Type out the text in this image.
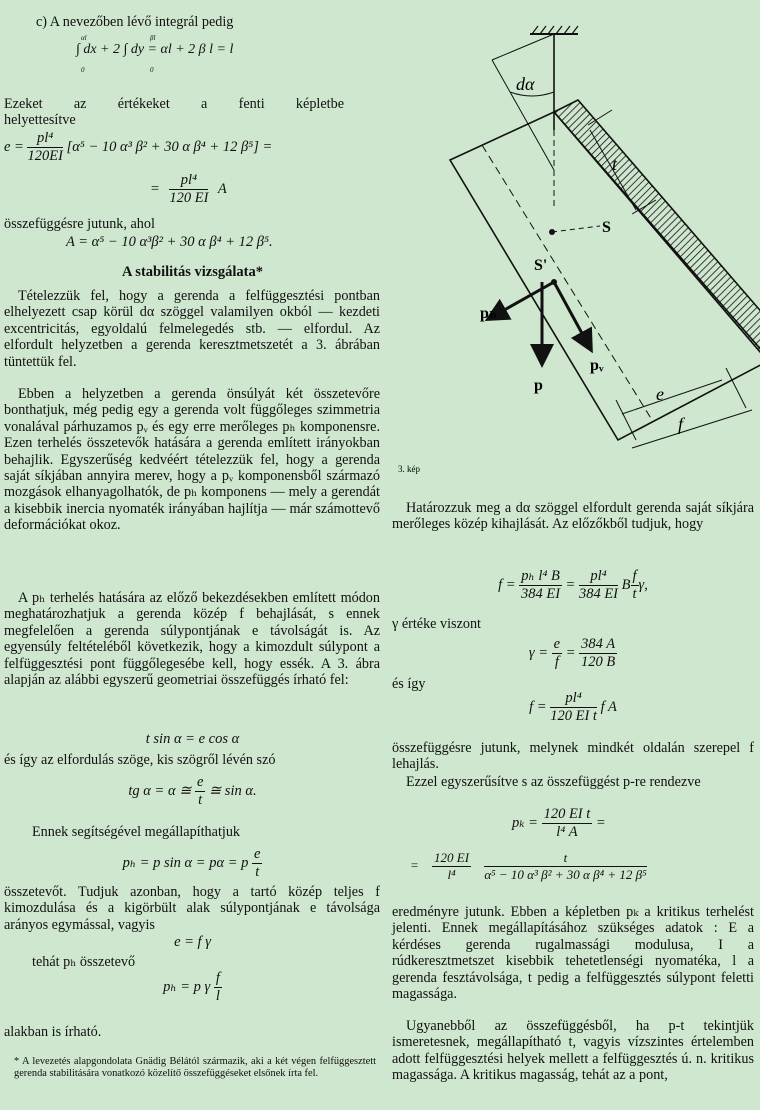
c) A nevezőben lévő integrál pedig
αl
0
βl
0
∫ dx + 2 ∫ dy = αl + 2 β l = l
Ezeket az értékeket a fenti képletbe
helyettesítve
$e = \frac{\text{pl⁴}}{120EI} [\alpha^5 - 10$ α³ β² + 30 α β⁴ + 12 β⁵] =
= $\frac{\text{pl⁴}}{120 EI}$ A
összefüggésre jutunk, ahol
A = α⁵ − 10 α³β² + 30 α β⁴ + 12 β⁵.
A stabilitás vizsgálata*
Tételezzük fel, hogy a gerenda a felfüggesztési pontban elhelyezett csap körül dα szöggel valamilyen okból — kezdeti excentricitás, egyoldalú felmelegedés stb. — elfordul. Az elfordult helyzetben a gerenda keresztmetszetét a 3. ábrában tüntettük fel.
Ebben a helyzetben a gerenda önsúlyát két összetevőre bonthatjuk, még pedig egy a gerenda volt függőleges szimmetria vonalával párhuzamos pᵥ és egy erre merőleges pₕ komponensre. Ezen terhelés összetevők hatására a gerenda említett irányokban behajlik. Egyszerűség kedvéért tételezzük fel, hogy a gerenda saját síkjában annyira merev, hogy a pᵥ komponensből származó mozgások elhanyagolhatók, de pₕ komponens — mely a gerendát a kisebbik inercia nyomaték irányában hajlítja — már számottevő deformációkat okoz.
A pₕ terhelés hatására az előző bekezdésekben említett módon meghatározhatjuk a gerenda közép f behajlását, s ennek megfelelően a gerenda súlypontjának e távolságát is. Az egyensúly feltételéből következik, hogy a kimozdult súlypont a felfüggesztési pont függőlegesébe kell, hogy essék. A 3. ábra alapján az alábbi egyszerű geometriai összefüggés írható fel:
t sin α = e cos α
és így az elfordulás szöge, kis szögről lévén szó
tg α = α ≅ $\frac{e}{t}$ ≅ sin α.
Ennek segítségével megállapíthatjuk
pₕ = p sin α = pα = p $\frac{e}{t}$
összetevőt. Tudjuk azonban, hogy a tartó közép teljes f kimozdulása és a kigörbült alak súlypontjának e távolsága arányos egymással, vagyis
e = f γ
tehát pₕ összetevő
pₕ = p γ $\frac{f}{l}$
alakban is írható.
* A levezetés alapgondolata Gnädig Bélától származik, aki a két végen felfüggesztett gerenda stabilitására vonatkozó közelítő összefüggéseket elsőnek írta fel.
dα
t
S
S'
pₕ
pᵥ
p	e
f
3. kép
Határozzuk meg a dα szöggel elfordult gerenda saját síkjára merőleges közép kihajlását. Az előzőkből tudjuk, hogy
$f = \frac{\text{pₕ l⁴ B}}{384 EI} = \frac{\text{pl⁴}}{384 EI}$ B $\frac{f}{t} \gamma$,
γ értéke viszont
$\gamma = \frac{e}{f} = \frac{384 A}{120 B}$
és így
$f = \frac{\text{pl⁴}}{\text{120 EI t}}$ f A
összefüggésre jutunk, melynek mindkét oldalán szerepel f lehajlás.
Ezzel egyszerűsítve s az összefüggést p-re rendezve
$p_k = \frac{\text{120 EI t}}{\text{l⁴ A}}$ =
= $\frac{120 EI}{\text{l⁴}}$
$\frac{t}{\text{α⁵ − 10 α³ β² + 30 α β⁴ + 12 β⁵}}$
eredményre jutunk. Ebben a képletben pₖ a kritikus terhelést jelenti. Ennek megállapításához szükséges adatok : E a kérdéses gerenda rugalmassági modulusa, I a rúdkeresztmetszet kisebbik tehetetlenségi nyomatéka, l a gerenda fesztávolsága, t pedig a felfüggesztés súlypont feletti magassága.
Ugyanebből az összefüggésből, ha p-t tekintjük ismeretesnek, megállapítható t, vagyis vízszintes értelemben adott felfüggesztési helyek mellett a felfüggesztés ú. n. kritikus magassága. A kritikus magasság, tehát az a pont,
